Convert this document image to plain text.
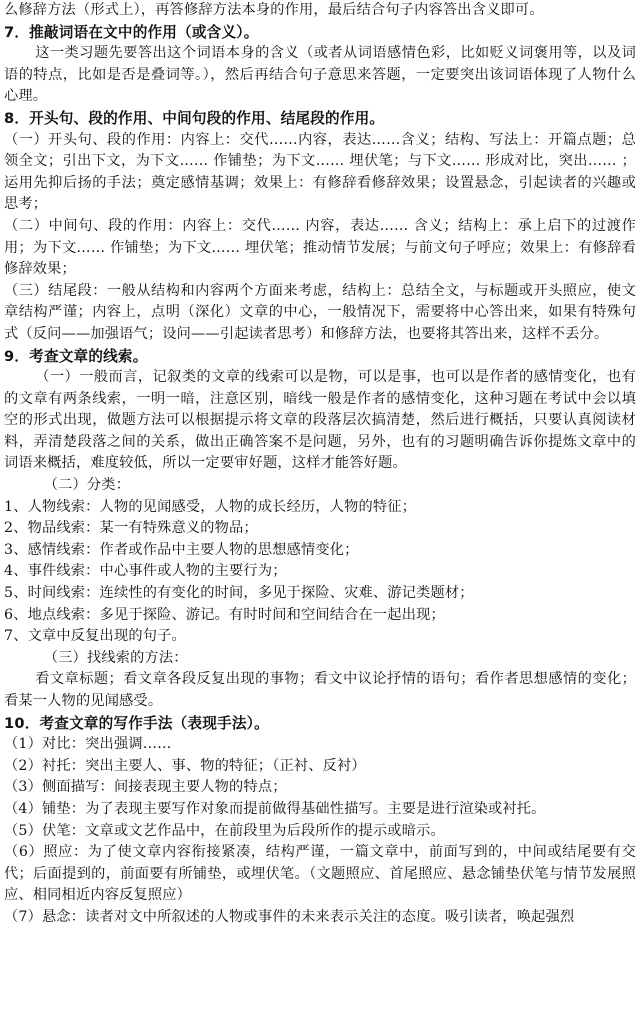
么修辞方法（形式上），再答修辞方法本身的作用，最后结合句子内容答出含义即可。

7．推敲词语在文中的作用（或含义）。

这一类习题先要答出这个词语本身的含义（或者从词语感情色彩，比如贬义词褒用等，以及词语的特点，比如是否是叠词等。），然后再结合句子意思来答题，一定要突出该词语体现了人物什么心理。

8．开头句、段的作用、中间句段的作用、结尾段的作用。

（一）开头句、段的作用：内容上：交代……内容，表达……含义；结构、写法上：开篇点题；总领全文；引出下文，为下文…… 作铺垫；为下文…… 埋伏笔；与下文…… 形成对比，突出…… ；运用先抑后扬的手法；奠定感情基调；效果上：有修辞看修辞效果；设置悬念，引起读者的兴趣或思考；

（二）中间句、段的作用：内容上：交代…… 内容，表达…… 含义；结构上：承上启下的过渡作用；为下文…… 作铺垫；为下文…… 埋伏笔；推动情节发展；与前文句子呼应；效果上：有修辞看修辞效果；

（三）结尾段：一般从结构和内容两个方面来考虑，结构上：总结全文，与标题或开头照应，使文章结构严谨；内容上，点明（深化）文章的中心，一般情况下，需要将中心答出来，如果有特殊句式（反问——加强语气；设问——引起读者思考）和修辞方法，也要将其答出来，这样不丢分。

9．考查文章的线索。

（一）一般而言，记叙类的文章的线索可以是物，可以是事，也可以是作者的感情变化，也有的文章有两条线索，一明一暗，注意区别，暗线一般是作者的感情变化，这种习题在考试中会以填空的形式出现，做题方法可以根据提示将文章的段落层次搞清楚，然后进行概括，只要认真阅读材料，弄清楚段落之间的关系，做出正确答案不是问题，另外，也有的习题明确告诉你提炼文章中的词语来概括，难度较低，所以一定要审好题，这样才能答好题。

（二）分类：

1、人物线索：人物的见闻感受，人物的成长经历，人物的特征；

2、物品线索：某一有特殊意义的物品；

3、感情线索：作者或作品中主要人物的思想感情变化；

4、事件线索：中心事件或人物的主要行为；

5、时间线索：连续性的有变化的时间，多见于探险、灾难、游记类题材；

6、地点线索：多见于探险、游记。有时时间和空间结合在一起出现；

7、文章中反复出现的句子。

（三）找线索的方法：

看文章标题；看文章各段反复出现的事物；看文中议论抒情的语句；看作者思想感情的变化；看某一人物的见闻感受。

10．考查文章的写作手法（表现手法）。

（1）对比：突出强调……

（2）衬托：突出主要人、事、物的特征；（正衬、反衬）

（3）侧面描写：间接表现主要人物的特点；

（4）铺垫：为了表现主要写作对象而提前做得基础性描写。主要是进行渲染或衬托。

（5）伏笔：文章或文艺作品中，在前段里为后段所作的提示或暗示。

（6）照应：为了使文章内容衔接紧凑，结构严谨，一篇文章中，前面写到的，中间或结尾要有交代；后面提到的，前面要有所铺垫，或埋伏笔。（文题照应、首尾照应、悬念铺垫伏笔与情节发展照应、相同相近内容反复照应）

（7）悬念：读者对文中所叙述的人物或事件的未来表示关注的态度。吸引读者，唤起强烈
